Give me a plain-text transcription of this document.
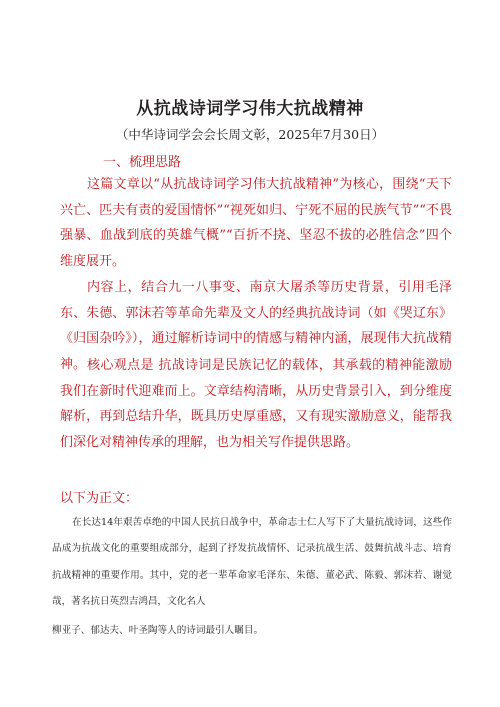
从抗战诗词学习伟大抗战精神
（中华诗词学会会长周文彰，2025年7月30日）
一、梳理思路

这篇文章以“从抗战诗词学习伟大抗战精神”为核心，围绕“天下兴亡、匹夫有责的爱国情怀”“视死如归、宁死不屈的民族气节”“不畏强暴、血战到底的英雄气概”“百折不挠、坚忍不拔的必胜信念”四个维度展开。

内容上，结合九一八事变、南京大屠杀等历史背景，引用毛泽东、朱德、郭沫若等革命先辈及文人的经典抗战诗词（如《哭辽东》《归国杂吟》），通过解析诗词中的情感与精神内涵，展现伟大抗战精神。 核心观点是 抗战诗词是民族记忆的载体，其承载的精神能激励我们在新时代迎难而上。文章结构清晰，从历史背景引入，到分维度解析，再到总结升华，既具历史厚重感，又有现实激励意义，能帮我们深化对精神传承的理解，也为相关写作提供思路。

以下为正文：

在长达14年艰苦卓绝的中国人民抗日战争中，革命志士仁人写下了大量抗战诗词，这些作品成为抗战文化的重要组成部分，起到了抒发抗战情怀、记录抗战生活、鼓舞抗战斗志、培育抗战精神的重要作用。其中，党的老一辈革命家毛泽东、朱德、董必武、陈毅、郭沫若、谢觉哉，著名抗日英烈吉鸿昌，文化名人

柳亚子、郁达夫、叶圣陶等人的诗词最引人瞩目。
